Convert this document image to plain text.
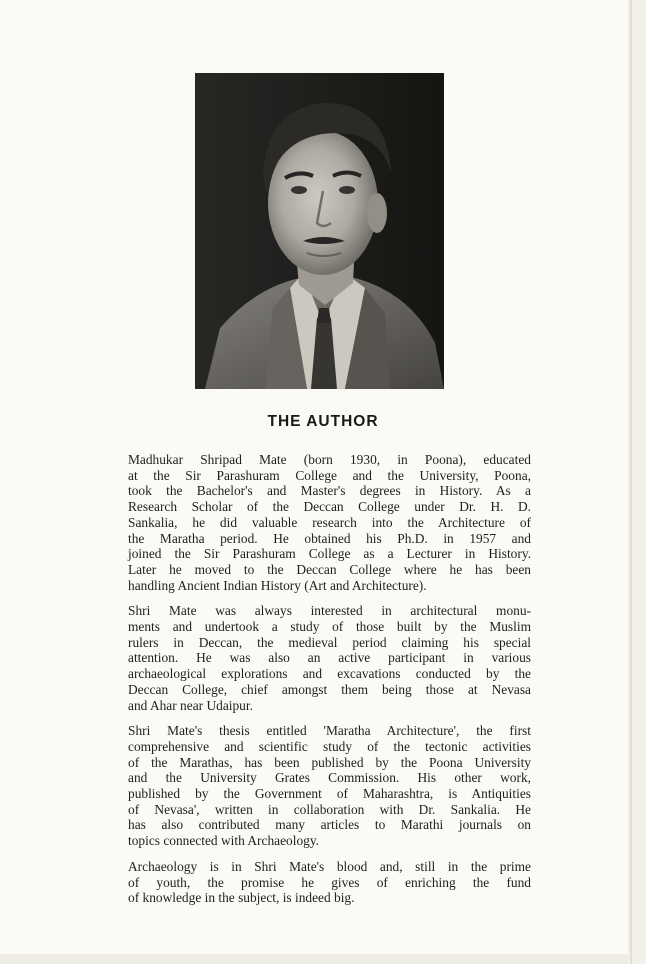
THE AUTHOR

Madhukar Shripad Mate (born 1930, in Poona), educated
at the Sir Parashuram College and the University, Poona,
took the Bachelor's and Master's degrees in History. As a
Research Scholar of the Deccan College under Dr. H. D.
Sankalia, he did valuable research into the Architecture of
the Maratha period. He obtained his Ph.D. in 1957 and
joined the Sir Parashuram College as a Lecturer in History.
Later he moved to the Deccan College where he has been
handling Ancient Indian History (Art and Architecture).

Shri Mate was always interested in architectural monu-
ments and undertook a study of those built by the Muslim
rulers in Deccan, the medieval period claiming his special
attention. He was also an active participant in various
archaeological explorations and excavations conducted by the
Deccan College, chief amongst them being those at Nevasa
and Ahar near Udaipur.

Shri Mate's thesis entitled 'Maratha Architecture', the first
comprehensive and scientific study of the tectonic activities
of the Marathas, has been published by the Poona University
and the University Grates Commission. His other work,
published by the Government of Maharashtra, is Antiquities
of Nevasa', written in collaboration with Dr. Sankalia. He
has also contributed many articles to Marathi journals on
topics connected with Archaeology.

Archaeology is in Shri Mate's blood and, still in the prime
of youth, the promise he gives of enriching the fund
of knowledge in the subject, is indeed big.
